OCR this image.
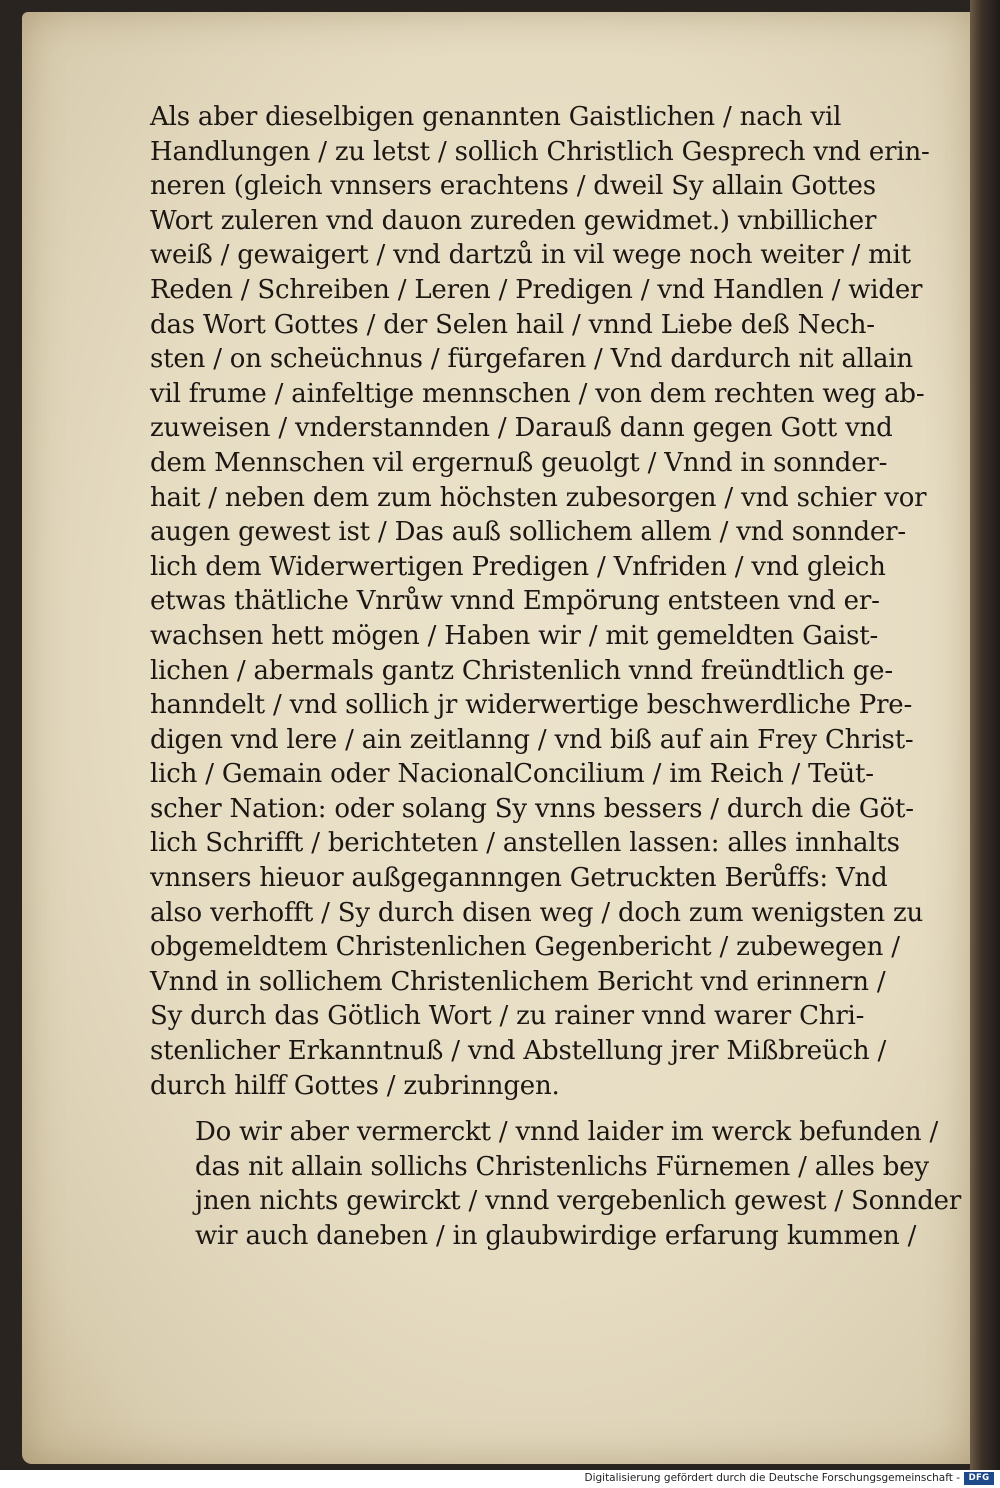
Als aber dieselbigen genannten Gaistlichen / nach vil
Handlungen / zu letst / sollich Christlich Gesprech vnd erin-
neren (gleich vnnsers erachtens / dweil Sy allain Gottes
Wort zuleren vnd dauon zureden gewidmet.) vnbillicher
weiß / gewaigert / vnd dartzů in vil wege noch weiter / mit
Reden / Schreiben / Leren / Predigen / vnd Handlen / wider
das Wort Gottes / der Selen hail / vnnd Liebe deß Nech-
sten / on scheüchnus / fürgefaren / Vnd dardurch nit allain
vil frume / ainfeltige mennschen / von dem rechten weg ab-
zuweisen / vnderstannden / Darauß dann gegen Gott vnd
dem Mennschen vil ergernuß geuolgt / Vnnd in sonnder-
hait / neben dem zum höchsten zubesorgen / vnd schier vor
augen gewest ist / Das auß sollichem allem / vnd sonnder-
lich dem Widerwertigen Predigen / Vnfriden / vnd gleich
etwas thätliche Vnrůw vnnd Empörung entsteen vnd er-
wachsen hett mögen / Haben wir / mit gemeldten Gaist-
lichen / abermals gantz Christenlich vnnd freündtlich ge-
hanndelt / vnd sollich jr widerwertige beschwerdliche Pre-
digen vnd lere / ain zeitlanng / vnd biß auf ain Frey Christ-
lich / Gemain oder NacionalConcilium / im Reich / Teüt-
scher Nation: oder solang Sy vnns bessers / durch die Göt-
lich Schrifft / berichteten / anstellen lassen: alles innhalts
vnnsers hieuor außgegannngen Getruckten Berůffs: Vnd
also verhofft / Sy durch disen weg / doch zum wenigsten zu
obgemeldtem Christenlichen Gegenbericht / zubewegen /
Vnnd in sollichem Christenlichem Bericht vnd erinnern /
Sy durch das Götlich Wort / zu rainer vnnd warer Chri-
stenlicher Erkanntnuß / vnd Abstellung jrer Mißbreüch /
durch hilff Gottes / zubrinngen.
Do wir aber vermerckt / vnnd laider im werck befunden /
das nit allain sollichs Christenlichs Fürnemen / alles bey
jnen nichts gewirckt / vnnd vergebenlich gewest / Sonnder
wir auch daneben / in glaubwirdige erfarung kummen /
Digitalisierung gefördert durch die Deutsche Forschungsgemeinschaft -	DFG
